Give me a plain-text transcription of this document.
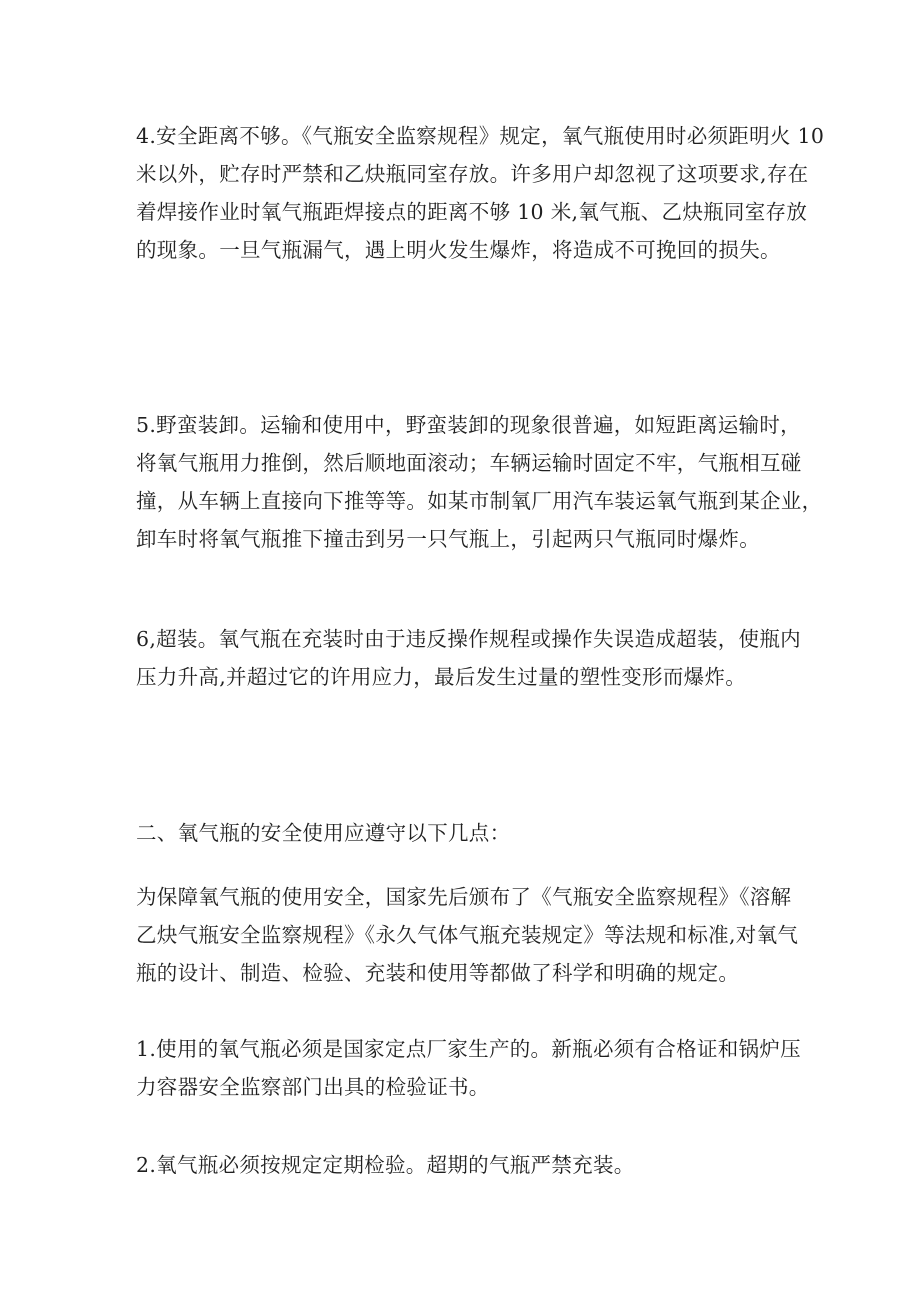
4.安全距离不够。《气瓶安全监察规程》规定，氧气瓶使用时必须距明火 10
米以外，贮存时严禁和乙炔瓶同室存放。许多用户却忽视了这项要求,存在
着焊接作业时氧气瓶距焊接点的距离不够 10 米,氧气瓶、乙炔瓶同室存放
的现象。一旦气瓶漏气，遇上明火发生爆炸，将造成不可挽回的损失。

5.野蛮装卸。运输和使用中，野蛮装卸的现象很普遍，如短距离运输时，
将氧气瓶用力推倒，然后顺地面滚动；车辆运输时固定不牢，气瓶相互碰
撞，从车辆上直接向下推等等。如某市制氧厂用汽车装运氧气瓶到某企业，
卸车时将氧气瓶推下撞击到另一只气瓶上，引起两只气瓶同时爆炸。

6,超装。氧气瓶在充装时由于违反操作规程或操作失误造成超装，使瓶内
压力升高,并超过它的许用应力，最后发生过量的塑性变形而爆炸。

二、氧气瓶的安全使用应遵守以下几点：

为保障氧气瓶的使用安全，国家先后颁布了《气瓶安全监察规程》《溶解
乙炔气瓶安全监察规程》《永久气体气瓶充装规定》等法规和标准,对氧气
瓶的设计、制造、检验、充装和使用等都做了科学和明确的规定。

1.使用的氧气瓶必须是国家定点厂家生产的。新瓶必须有合格证和锅炉压
力容器安全监察部门出具的检验证书。

2.氧气瓶必须按规定定期检验。超期的气瓶严禁充装。
